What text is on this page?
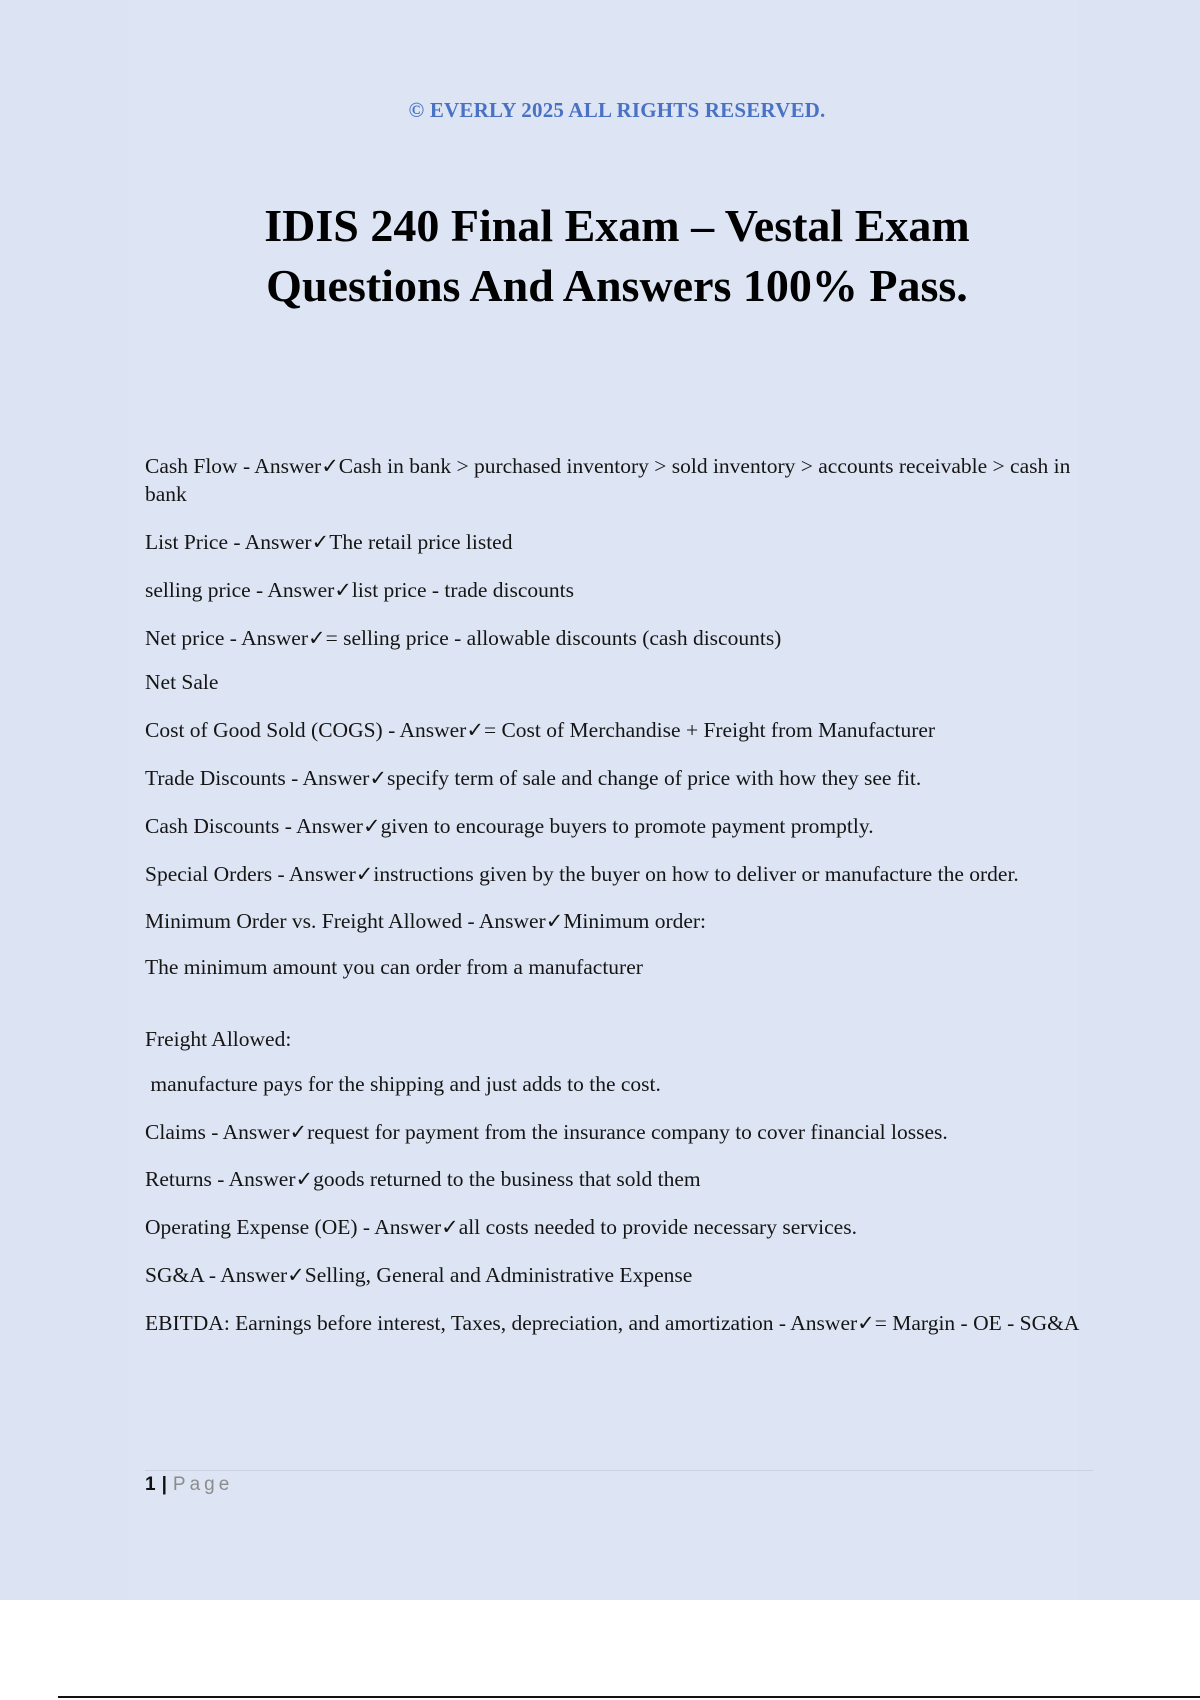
© EVERLY 2025 ALL RIGHTS RESERVED.
IDIS 240 Final Exam – Vestal Exam
Questions And Answers 100% Pass.

Cash Flow - Answer✓Cash in bank > purchased inventory > sold inventory > accounts receivable > cash in bank

List Price - Answer✓The retail price listed

selling price - Answer✓list price - trade discounts

Net price - Answer✓= selling price - allowable discounts (cash discounts)

Net Sale

Cost of Good Sold (COGS) - Answer✓= Cost of Merchandise + Freight from Manufacturer

Trade Discounts - Answer✓specify term of sale and change of price with how they see fit.

Cash Discounts - Answer✓given to encourage buyers to promote payment promptly.

Special Orders - Answer✓instructions given by the buyer on how to deliver or manufacture the order.

Minimum Order vs. Freight Allowed - Answer✓Minimum order:

The minimum amount you can order from a manufacturer

Freight Allowed:

manufacture pays for the shipping and just adds to the cost.

Claims - Answer✓request for payment from the insurance company to cover financial losses.

Returns - Answer✓goods returned to the business that sold them

Operating Expense (OE) - Answer✓all costs needed to provide necessary services.

SG&A - Answer✓Selling, General and Administrative Expense

EBITDA: Earnings before interest, Taxes, depreciation, and amortization - Answer✓= Margin - OE - SG&A

1 | Page
